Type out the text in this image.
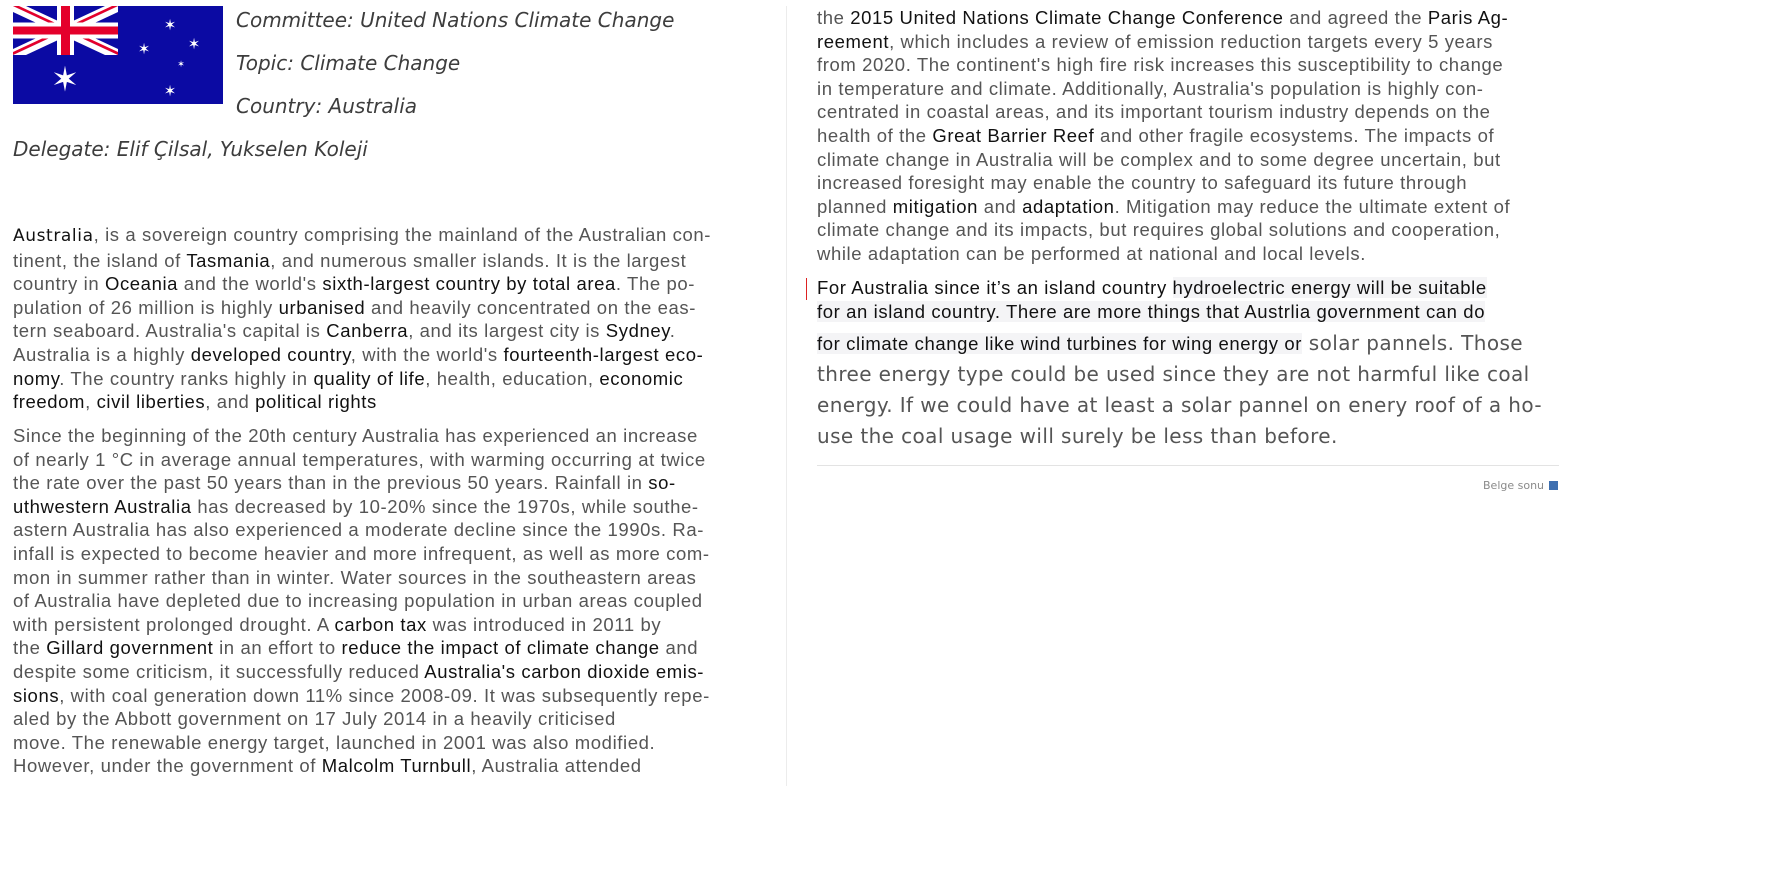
✶
✶
✶ ✶
✶
✶
Committee: United Nations Climate Change
Topic: Climate Change
Country: Australia
Delegate: Elif Çilsal, Yukselen Koleji
Australia, is a sovereign country comprising the mainland of the Australian con-
tinent, the island of Tasmania, and numerous smaller islands. It is the largest
country in Oceania and the world's sixth-largest country by total area. The po-
pulation of 26 million is highly urbanised and heavily concentrated on the eas-
tern seaboard. Australia's capital is Canberra, and its largest city is Sydney.
Australia is a highly developed country, with the world's fourteenth-largest eco-
nomy. The country ranks highly in quality of life, health, education, economic
freedom, civil liberties, and political rights
Since the beginning of the 20th century Australia has experienced an increase
of nearly 1 °C in average annual temperatures, with warming occurring at twice
the rate over the past 50 years than in the previous 50 years. Rainfall in so-
uthwestern Australia has decreased by 10-20% since the 1970s, while southe-
astern Australia has also experienced a moderate decline since the 1990s. Ra-
infall is expected to become heavier and more infrequent, as well as more com-
mon in summer rather than in winter. Water sources in the southeastern areas
of Australia have depleted due to increasing population in urban areas coupled
with persistent prolonged drought. A carbon tax was introduced in 2011 by
the Gillard government in an effort to reduce the impact of climate change and
despite some criticism, it successfully reduced Australia's carbon dioxide emis-
sions, with coal generation down 11% since 2008-09. It was subsequently repe-
aled by the Abbott government on 17 July 2014 in a heavily criticised
move. The renewable energy target, launched in 2001 was also modified.
However, under the government of Malcolm Turnbull, Australia attended
the 2015 United Nations Climate Change Conference and agreed the Paris Ag-
reement, which includes a review of emission reduction targets every 5 years
from 2020. The continent's high fire risk increases this susceptibility to change
in temperature and climate. Additionally, Australia's population is highly con-
centrated in coastal areas, and its important tourism industry depends on the
health of the Great Barrier Reef and other fragile ecosystems. The impacts of
climate change in Australia will be complex and to some degree uncertain, but
increased foresight may enable the country to safeguard its future through
planned mitigation and adaptation. Mitigation may reduce the ultimate extent of
climate change and its impacts, but requires global solutions and cooperation,
while adaptation can be performed at national and local levels.
For Australia since it’s an island country hydroelectric energy will be suitable
for an island country. There are more things that Austrlia government can do
for climate change like wind turbines for wing energy or solar pannels. Those
three energy type could be used since they are not harmful like coal
energy. If we could have at least a solar pannel on enery roof of a ho-
use the coal usage will surely be less than before.
Belge sonu
